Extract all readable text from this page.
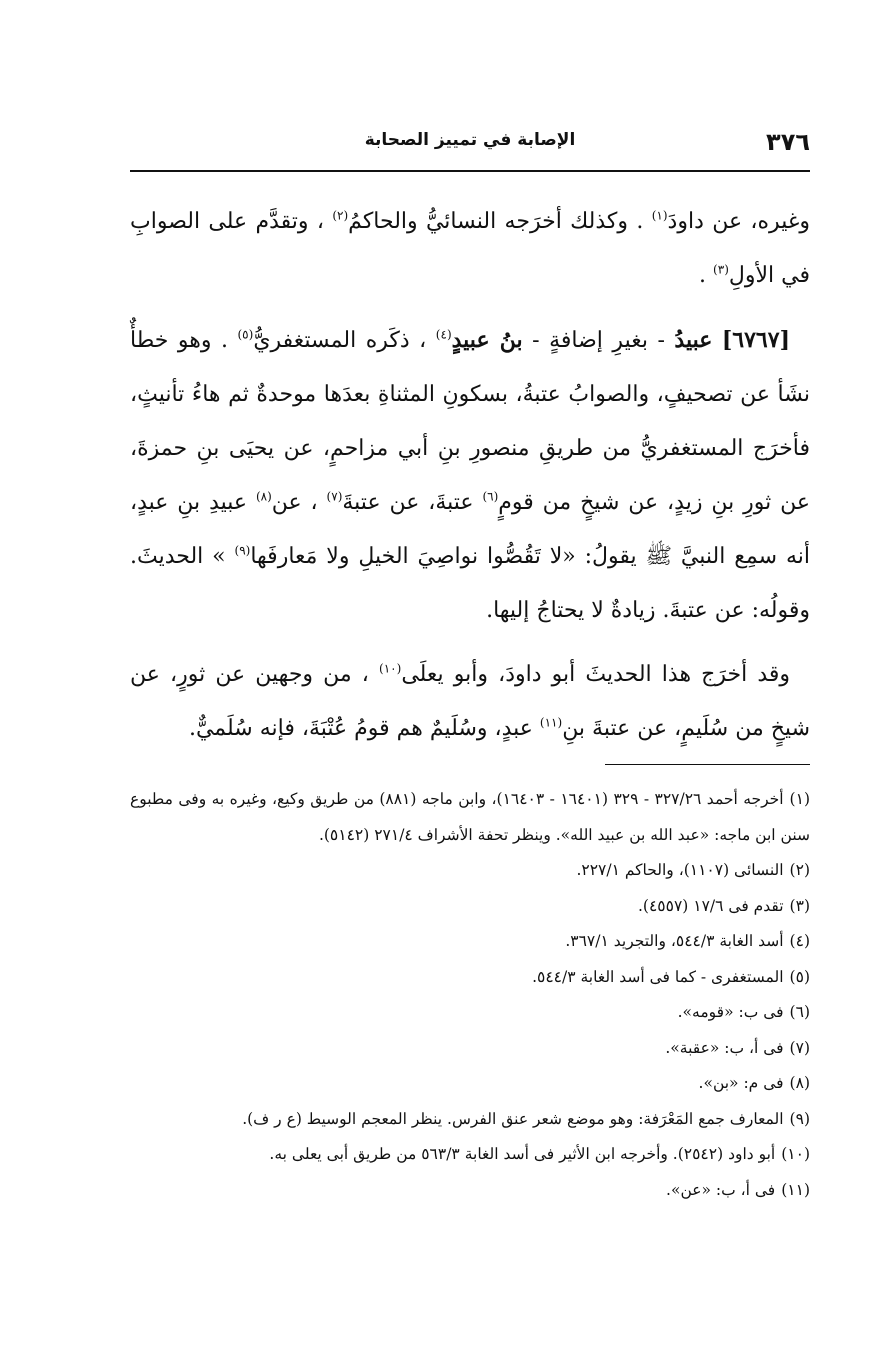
٣٧٦
الإصابة في تمييز الصحابة

وغيره، عن داودَ$^{(١)}$ . وكذلك أخرَجه النسائيُّ والحاكمُ$^{(٢)}$ ، وتقدَّم على الصوابِ في الأولِ$^{(٣)}$ .

[٦٧٦٧] عبيدُ - بغيرِ إضافةٍ - بنُ عبيدٍ$^{(٤)}$ ، ذكَره المستغفريُّ$^{(٥)}$ . وهو خطأٌ نشَأ عن تصحيفٍ، والصوابُ عتبةُ، بسكونِ المثناةِ بعدَها موحدةٌ ثم هاءُ تأنيثٍ، فأخرَج المستغفريُّ من طريقِ منصورِ بنِ أبي مزاحمٍ، عن يحيَى بنِ حمزةَ، عن ثورِ بنِ زيدٍ، عن شيخٍ من قومٍ$^{(٦)}$ عتبةَ، عن عتبةَ$^{(٧)}$ ، عن$^{(٨)}$ عبيدِ بنِ عبدٍ، أنه سمِع النبيَّ ﷺ يقولُ: «لا تَقُصُّوا نواصِيَ الخيلِ ولا مَعارفَها$^{(٩)}$ » الحديثَ. وقولُه: عن عتبةَ. زيادةٌ لا يحتاجُ إليها.

وقد أخرَج هذا الحديثَ أبو داودَ، وأبو يعلَى$^{(١٠)}$ ، من وجهين عن ثورٍ، عن شيخٍ من سُلَيمٍ، عن عتبةَ بنِ$^{(١١)}$ عبدٍ، وسُلَيمٌ هم قومُ عُتْبَةَ، فإنه سُلَميٌّ.

(١)أخرجه أحمد ٣٢٧/٢٦ - ٣٢٩ (١٦٤٠١ - ١٦٤٠٣)، وابن ماجه (٨٨١) من طريق وكيع، وغيره به وفى مطبوع سنن ابن ماجه: «عبد الله بن عبيد الله». وينظر تحفة الأشراف ٢٧١/٤ (٥١٤٢).

(٢)النسائى (١١٠٧)، والحاكم ٢٢٧/١.

(٣)تقدم فى ١٧/٦ (٤٥٥٧).

(٤)أسد الغابة ٥٤٤/٣، والتجريد ٣٦٧/١.

(٥)المستغفرى - كما فى أسد الغابة ٥٤٤/٣.

(٦)فى ب: «قومه».

(٧)فى أ، ب: «عقبة».

(٨)فى م: «بن».

(٩)المعارف جمع المَعْرَفة: وهو موضع شعر عنق الفرس. ينظر المعجم الوسيط (ع ر ف).

(١٠)أبو داود (٢٥٤٢). وأخرجه ابن الأثير فى أسد الغابة ٥٦٣/٣ من طريق أبى يعلى به.

(١١)فى أ، ب: «عن».
